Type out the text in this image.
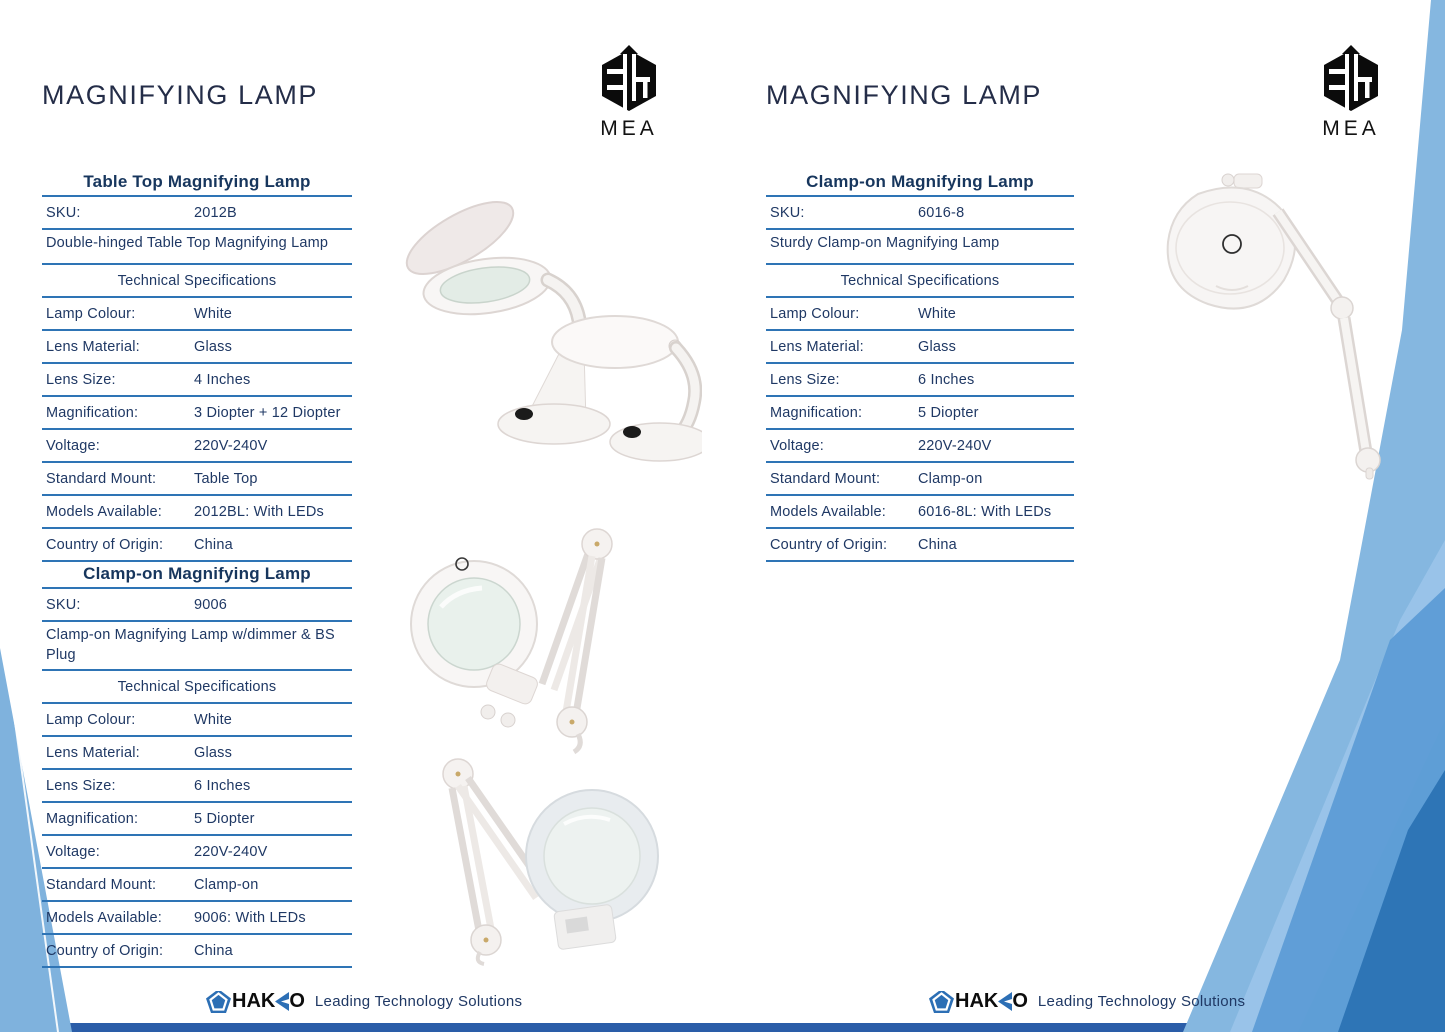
MAGNIFYING LAMP
MEA
Table Top Magnifying Lamp
SKU:	2012B
Double-hinged Table Top Magnifying Lamp
Technical Specifications
Lamp Colour:	White
Lens Material:	Glass
Lens Size:	4 Inches
Magnification:	3 Diopter + 12 Diopter
Voltage:	220V-240V
Standard Mount:	Table Top
Models Available:	2012BL: With LEDs
Country of Origin:	China
Clamp-on Magnifying Lamp
SKU:	9006
Clamp-on Magnifying Lamp w/dimmer & BS Plug
Technical Specifications
Lamp Colour:	White
Lens Material:	Glass
Lens Size:	6 Inches
Magnification:	5 Diopter
Voltage:	220V-240V
Standard Mount:	Clamp-on
Models Available:	9006: With LEDs
Country of Origin:	China
HAK O Leading Technology Solutions
MAGNIFYING LAMP
MEA
Clamp-on Magnifying Lamp
SKU:	6016-8
Sturdy Clamp-on Magnifying Lamp
Technical Specifications
Lamp Colour:	White
Lens Material:	Glass
Lens Size:	6 Inches
Magnification:	5 Diopter
Voltage:	220V-240V
Standard Mount:	Clamp-on
Models Available:	6016-8L: With LEDs
Country of Origin:	China
HAK O Leading Technology Solutions
